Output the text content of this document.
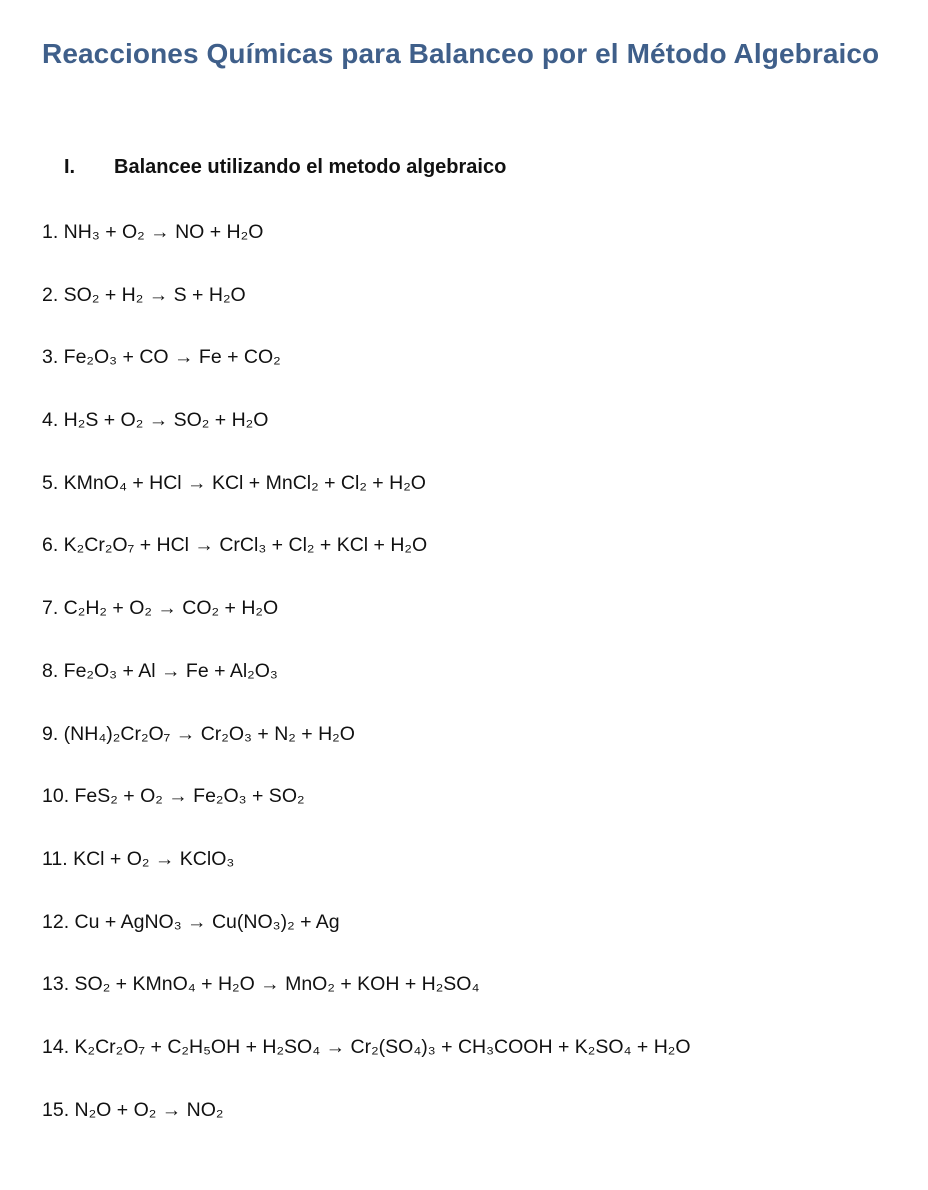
Reacciones Químicas para Balanceo por el Método Algebraico
I. Balancee utilizando el metodo algebraico
1. NH₃ + O₂ → NO + H₂O
2. SO₂ + H₂ → S + H₂O
3. Fe₂O₃ + CO → Fe + CO₂
4. H₂S + O₂ → SO₂ + H₂O
5. KMnO₄ + HCl → KCl + MnCl₂ + Cl₂ + H₂O
6. K₂Cr₂O₇ + HCl → CrCl₃ + Cl₂ + KCl + H₂O
7. C₂H₂ + O₂ → CO₂ + H₂O
8. Fe₂O₃ + Al → Fe + Al₂O₃
9. (NH₄)₂Cr₂O₇ → Cr₂O₃ + N₂ + H₂O
10. FeS₂ + O₂ → Fe₂O₃ + SO₂
11. KCl + O₂ → KClO₃
12. Cu + AgNO₃ → Cu(NO₃)₂ + Ag
13. SO₂ + KMnO₄ + H₂O → MnO₂ + KOH + H₂SO₄
14. K₂Cr₂O₇ + C₂H₅OH + H₂SO₄ → Cr₂(SO₄)₃ + CH₃COOH + K₂SO₄ + H₂O
15. N₂O + O₂ → NO₂
